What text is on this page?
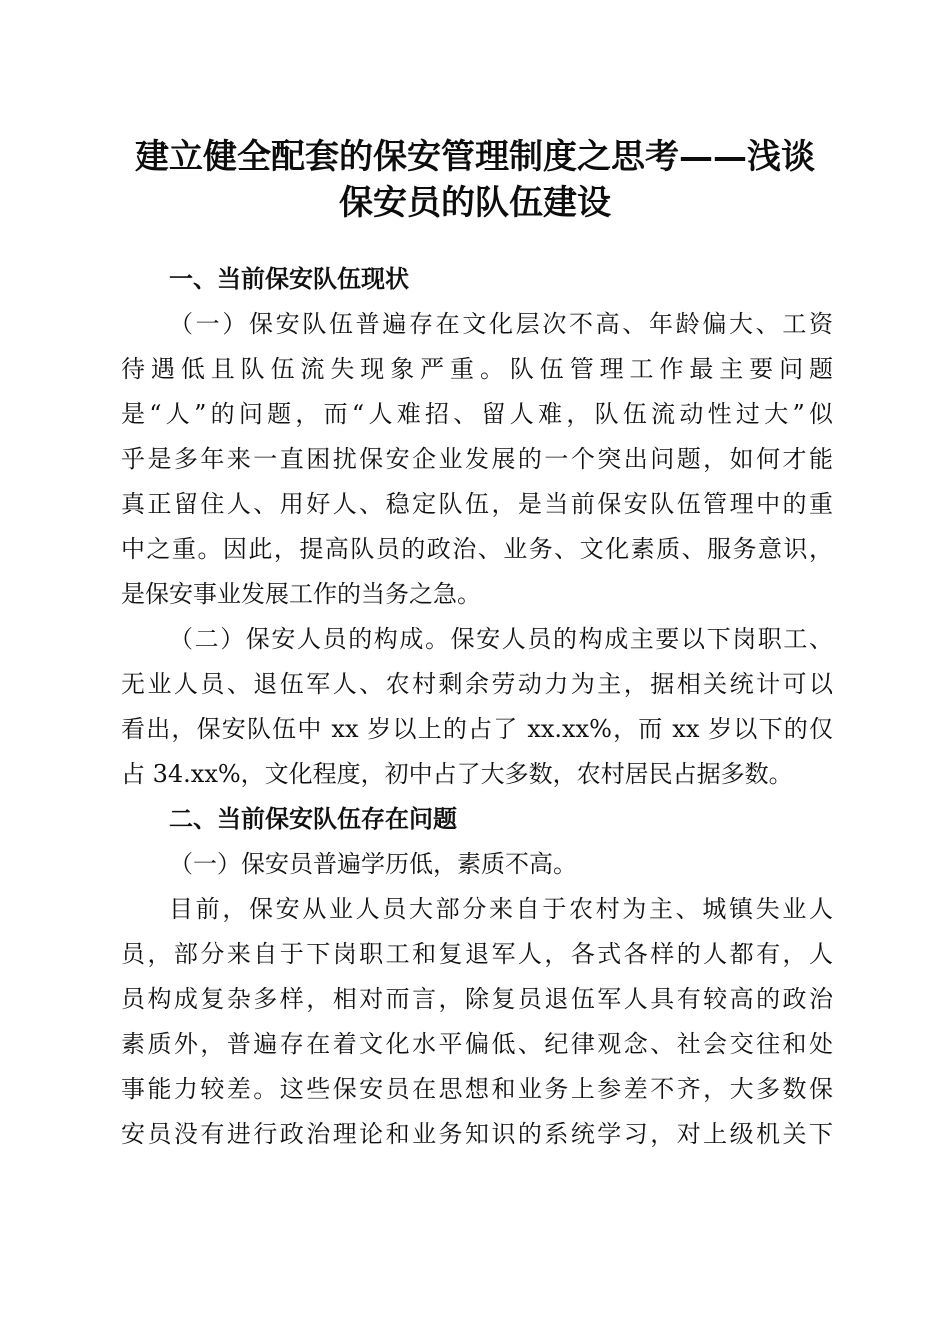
建立健全配套的保安管理制度之思考——浅谈
保安员的队伍建设
一、当前保安队伍现状

（一）保安队伍普遍存在文化层次不高、年龄偏大、工资
待遇低且队伍流失现象严重。队伍管理工作最主要问题
是“人”的问题，而“人难招、留人难，队伍流动性过大”似
乎是多年来一直困扰保安企业发展的一个突出问题，如何才能
真正留住人、用好人、稳定队伍，是当前保安队伍管理中的重
中之重。因此，提高队员的政治、业务、文化素质、服务意识，
是保安事业发展工作的当务之急。

（二）保安人员的构成。保安人员的构成主要以下岗职工、
无业人员、退伍军人、农村剩余劳动力为主，据相关统计可以
看出，保安队伍中 xx 岁以上的占了 xx.xx%，而 xx 岁以下的仅
占 34.xx%，文化程度，初中占了大多数，农村居民占据多数。

二、当前保安队伍存在问题

（一）保安员普遍学历低，素质不高。

目前，保安从业人员大部分来自于农村为主、城镇失业人
员，部分来自于下岗职工和复退军人，各式各样的人都有，人
员构成复杂多样，相对而言，除复员退伍军人具有较高的政治
素质外，普遍存在着文化水平偏低、纪律观念、社会交往和处
事能力较差。这些保安员在思想和业务上参差不齐，大多数保
安员没有进行政治理论和业务知识的系统学习，对上级机关下
